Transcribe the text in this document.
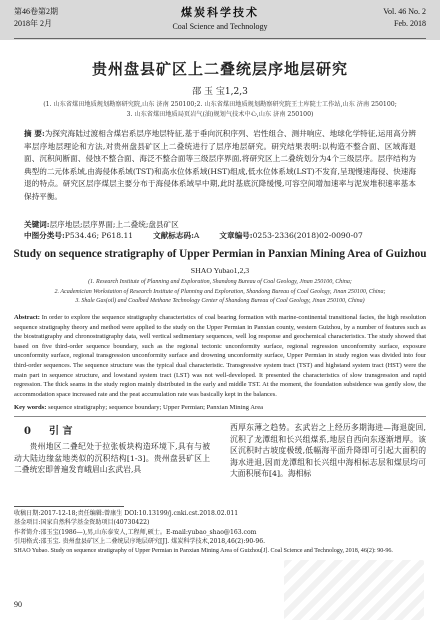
第46卷第2期
2018年 2月
煤炭科学技术
Coal Science and Technology
Vol. 46 No. 2
Feb. 2018
贵州盘县矿区上二叠统层序地层研究
邵 玉 宝1,2,3
(1. 山东省煤田地质规划勘察研究院,山东 济南 250100;2. 山东省煤田地质规划勘察研究院王士库院士工作站,山东 济南 250100;
3. 山东省煤田地质局页岩气(油)规划气技术中心,山东 济南 250100)
摘 要:为探究海陆过渡相含煤岩系层序地层特征,基于垂向沉积序列、岩性组合、测井响应、地球化学特征,运用高分辨率层序地层理论和方法,对贵州盘县矿区上二叠统进行了层序地层研究。研究结果表明:以构造不整合面、区域海退面、沉积间断面、侵蚀不整合面、海泛不整合面等三级层序界面,将研究区上二叠统划分为4个三级层序。层序结构为典型的二元体系域,由海侵体系域(TST)和高水位体系域(HST)组成,低水位体系域(LST)不发育,呈现慢速海侵、快速海退的特点。研究区层序煤层主要分布于海侵体系域早中期,此时基底沉降缓慢,可容空间增加速率与泥炭堆积速率基本保持平衡。
关键词:层序地层;层序界面;上二叠统;盘县矿区
中图分类号:P534.46; P618.11	文献标志码:A	文章编号:0253-2336(2018)02-0090-07
Study on sequence stratigraphy of Upper Permian in Panxian Mining Area of Guizhou
SHAO Yubao1,2,3
(1. Research Institute of Planning and Exploration, Shandong Bureau of Coal Geology, Jinan 250100, China;
2. Academician Workstation of Research Institute of Planning and Exploration, Shandong Bureau of Coal Geology, Jinan 250100, China;
3. Shale Gas(oil) and Coalbed Methane Technology Center of Shandong Bureau of Coal Geology, Jinan 250100, China)
Abstract: In order to explore the sequence stratigraphy characteristics of coal bearing formation with marine-continental transitional facies, the high resolution sequence stratigraphy theory and method were applied to the study on the Upper Permian in Panxian county, western Guizhou, by a number of features such as the biostratigraphy and chronostratigraphy data, well vertical sedimentary sequences, well log response and geochemical characteristics. The study showed that based on five third-order sequence boundary, such as the regional tectonic unconformity surface, regional regression unconformity surface, exposure unconformity surface, regional transgression unconformity surface and drowning unconformity surface, Upper Permian in study region was divided into four third-order sequences. The sequence structure was the typical dual characteristic. Transgressive system tract (TST) and highstand system tract (HST) were the main part in sequence structure, and lowstand system tract (LST) was not well-developed. It presented the characteristics of slow transgression and rapid regression. The thick seams in the study region mainly distributed in the early and middle TST. At the moment, the foundation subsidence was gently slow, the accommodation space increased rate and the peat accumulation rate was basically kept in the balances.
Key words: sequence stratigraphy; sequence boundary; Upper Permian; Panxian Mining Area
0 引 言
贵州地区二叠纪处于拉张板块构造环境下,具有与被动大陆边缘盆地类似的沉积结构[1-3]。贵州盘县矿区上二叠统宏即普遍发育峨眉山玄武岩,具
西厚东薄之趋势。玄武岩之上经历多期海进—海退旋回,沉积了龙潭组和长兴组煤系,地层自西向东逐渐增厚。该区沉积时古坡度极缓,低幅海平面升降即可引起大面积的海水进退,因而龙潭组和长兴组中海相标志层和煤层均可大面积展布[4]。海相标
收稿日期:2017-12-18;责任编辑:曾康生 DOI:10.13199/j.cnki.cst.2018.02.011
基金项目:国家自然科学基金资助项目(40730422)
作者简介:邵玉宝(1986—),男,山东泰安人,工程师,硕士。E-mail:yubao_shao@163.com
引用格式:邵玉宝. 贵州盘县矿区上二叠统层序地层研究[J]. 煤炭科学技术,2018,46(2):90-96.
SHAO Yubao. Study on sequence stratigraphy of Upper Permian in Panxian Mining Area of Guizhou[J]. Coal Science and Technology, 2018, 46(2): 90-96.
90
